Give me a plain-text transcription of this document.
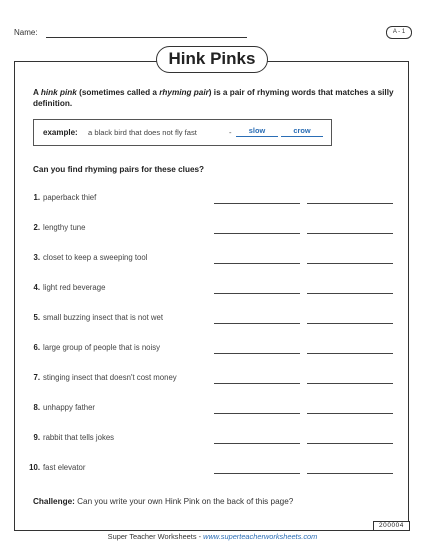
Name:	A - 1
Hink Pinks
A hink pink (sometimes called a rhyming pair) is a pair of rhyming words that matches a silly definition.
example: a black bird that does not fly fast	-	slow	crow
Can you find rhyming pairs for these clues?
1. paperback thief
2. lengthy tune
3. closet to keep a sweeping tool
4. light red beverage
5. small buzzing insect that is not wet
6. large group of people that is noisy
7. stinging insect that doesn't cost money
8. unhappy father
9. rabbit that tells jokes
10. fast elevator
Challenge: Can you write your own Hink Pink on the back of this page?
200004
Super Teacher Worksheets - www.superteacherworksheets.com
